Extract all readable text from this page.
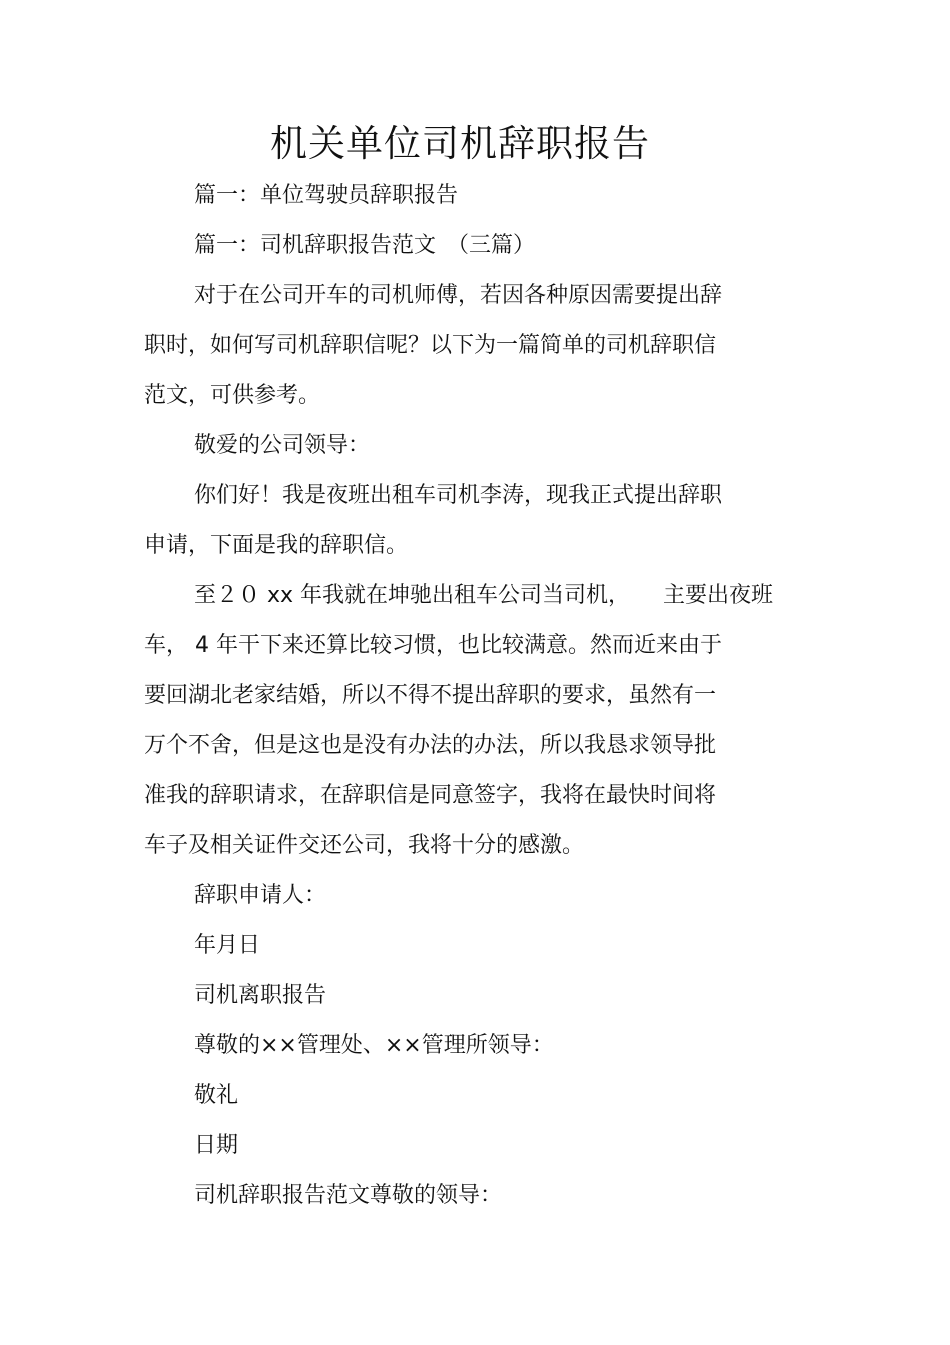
机关单位司机辞职报告

篇一：单位驾驶员辞职报告

篇一：司机辞职报告范文　（三篇）

对于在公司开车的司机师傅，若因各种原因需要提出辞

职时，如何写司机辞职信呢？以下为一篇简单的司机辞职信

范文，可供参考。

敬爱的公司领导：

你们好！我是夜班出租车司机李涛，现我正式提出辞职

申请，下面是我的辞职信。

至２０ xx 年我就在坤驰出租车公司当司机，　　主要出夜班

车， 4 年干下来还算比较习惯，也比较满意。然而近来由于

要回湖北老家结婚，所以不得不提出辞职的要求，虽然有一

万个不舍，但是这也是没有办法的办法，所以我恳求领导批

准我的辞职请求，在辞职信是同意签字，我将在最快时间将

车子及相关证件交还公司，我将十分的感激。

辞职申请人：

年月日

司机离职报告

尊敬的××管理处、××管理所领导：

敬礼

日期

司机辞职报告范文尊敬的领导：
